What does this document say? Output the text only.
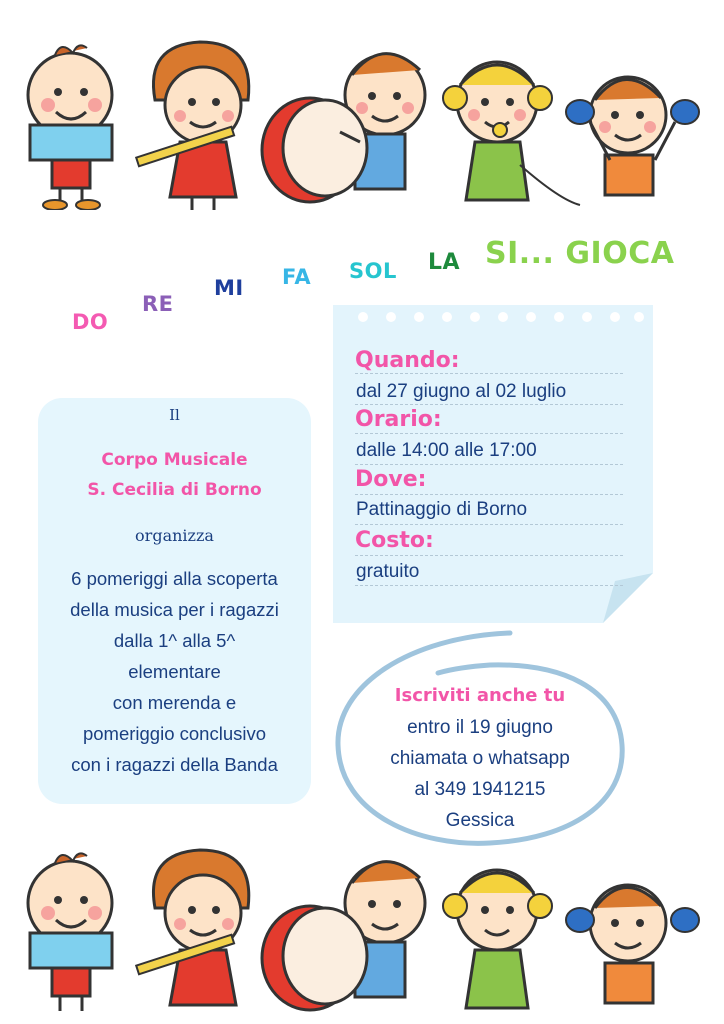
DO
RE
MI FA SOL LA SI... GIOCA
Il
Corpo Musicale
S. Cecilia di Borno
organizza
6 pomeriggi alla scoperta
della musica per i ragazzi
dalla 1^ alla 5^
elementare
con merenda e
pomeriggio conclusivo
con i ragazzi della Banda
Quando:
dal 27 giugno al 02 luglio
Orario:
dalle 14:00 alle 17:00
Dove:
Pattinaggio di Borno
Costo:
gratuito
Iscriviti anche tu
entro il 19 giugno
chiamata o whatsapp
al 349 1941215
Gessica
